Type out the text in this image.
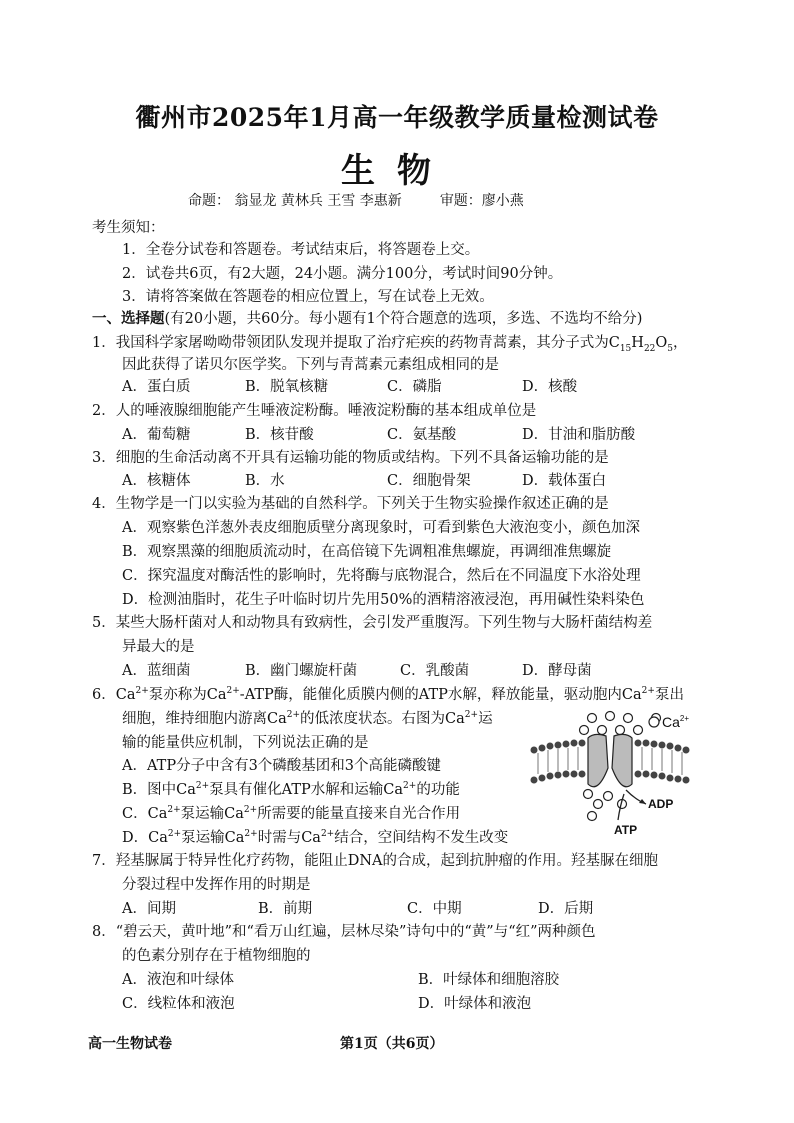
衢州市2025年1月高一年级教学质量检测试卷
生物
命题： 翁显龙 黄林兵 王雪 李惠新	审题：廖小燕
考生须知：
1．全卷分试卷和答题卷。考试结束后，将答题卷上交。
2．试卷共6页，有2大题，24小题。满分100分，考试时间90分钟。
3．请将答案做在答题卷的相应位置上，写在试卷上无效。
一、选择题(有20小题，共60分。每小题有1个符合题意的选项，多选、不选均不给分)
1．我国科学家屠呦呦带领团队发现并提取了治疗疟疾的药物青蒿素，其分子式为$C_{15}H_{22}O_5$，
因此获得了诺贝尔医学奖。下列与青蒿素元素组成相同的是
A．蛋白质	B．脱氧核糖	C．磷脂	D．核酸
2．人的唾液腺细胞能产生唾液淀粉酶。唾液淀粉酶的基本组成单位是
A．葡萄糖	B．核苷酸	C．氨基酸	D．甘油和脂肪酸
3．细胞的生命活动离不开具有运输功能的物质或结构。下列不具备运输功能的是
A．核糖体	B．水	C．细胞骨架	D．载体蛋白
4．生物学是一门以实验为基础的自然科学。下列关于生物实验操作叙述正确的是
A．观察紫色洋葱外表皮细胞质壁分离现象时，可看到紫色大液泡变小，颜色加深
B．观察黑藻的细胞质流动时，在高倍镜下先调粗准焦螺旋，再调细准焦螺旋
C．探究温度对酶活性的影响时，先将酶与底物混合，然后在不同温度下水浴处理
D．检测油脂时，花生子叶临时切片先用50%的酒精溶液浸泡，再用碱性染料染色
5．某些大肠杆菌对人和动物具有致病性，会引发严重腹泻。下列生物与大肠杆菌结构差
异最大的是
A．蓝细菌	B．幽门螺旋杆菌	C．乳酸菌	D．酵母菌
6．$Ca^{2+}$泵亦称为$Ca^{2+}$-ATP酶，能催化质膜内侧的ATP水解，释放能量，驱动胞内$Ca^{2+}$泵出
细胞，维持细胞内游离$Ca^{2+}$的低浓度状态。右图为$Ca^{2+}$运
输的能量供应机制，下列说法正确的是
A．ATP分子中含有3个磷酸基团和3个高能磷酸键
B．图中$Ca^{2+}$泵具有催化ATP水解和运输$Ca^{2+}$的功能
C．$Ca^{2+}$泵运输$Ca^{2+}$所需要的能量直接来自光合作用
D．$Ca^{2+}$泵运输$Ca^{2+}$时需与$Ca^{2+}$结合，空间结构不发生改变
$Ca^{2+}$
ADP
ATP
7．羟基脲属于特异性化疗药物，能阻止DNA的合成，起到抗肿瘤的作用。羟基脲在细胞
分裂过程中发挥作用的时期是
A．间期	B．前期	C．中期	D．后期
8．“碧云天，黄叶地”和“看万山红遍，层林尽染”诗句中的“黄”与“红”两种颜色
的色素分别存在于植物细胞的
A．液泡和叶绿体	B．叶绿体和细胞溶胶
C．线粒体和液泡	D．叶绿体和液泡
高一生物试卷	第1页（共6页）
